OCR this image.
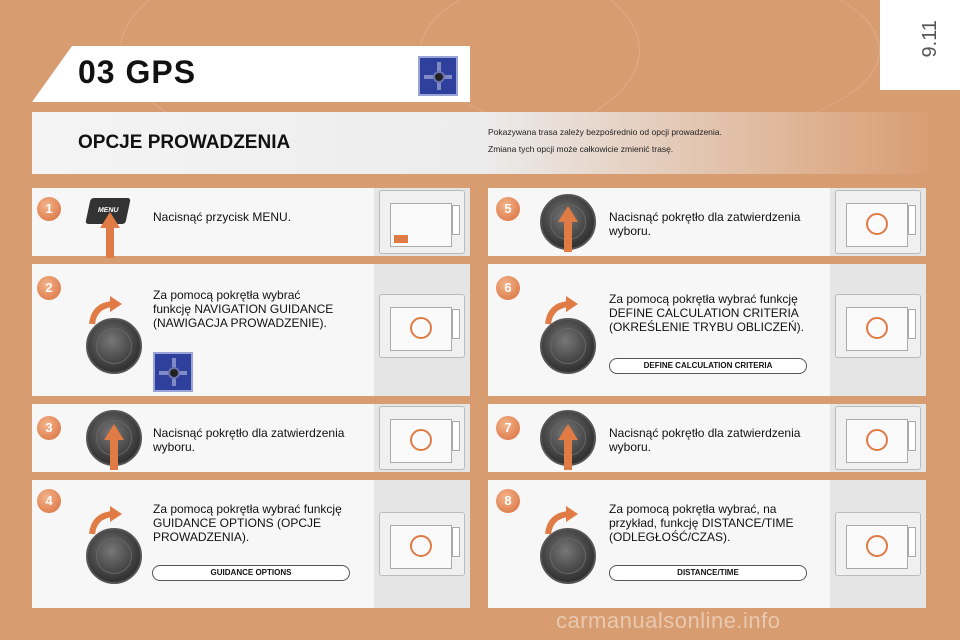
9.11
03 GPS
OPCJE PROWADZENIA	Pokazywana trasa zależy bezpośrednio od opcji prowadzenia.
Zmiana tych opcji może całkowicie zmienić trasę.
1	MENU	Nacisnąć przycisk MENU.
2	Za pomocą pokrętła wybrać
funkcję NAVIGATION GUIDANCE
(NAWIGACJA PROWADZENIE).
3	Nacisnąć pokrętło dla zatwierdzenia
wyboru.
4
Za pomocą pokrętła wybrać funkcję
GUIDANCE OPTIONS (OPCJE
PROWADZENIA).
GUIDANCE OPTIONS
5
Nacisnąć pokrętło dla zatwierdzenia
wyboru.
6
Za pomocą pokrętła wybrać funkcję
DEFINE CALCULATION CRITERIA
(OKREŚLENIE TRYBU OBLICZEŃ).
DEFINE CALCULATION CRITERIA
7	Nacisnąć pokrętło dla zatwierdzenia
wyboru.
8
Za pomocą pokrętła wybrać, na
przykład, funkcję DISTANCE/TIME
(ODLEGŁOŚĆ/CZAS).
DISTANCE/TIME
carmanualsonline.info
